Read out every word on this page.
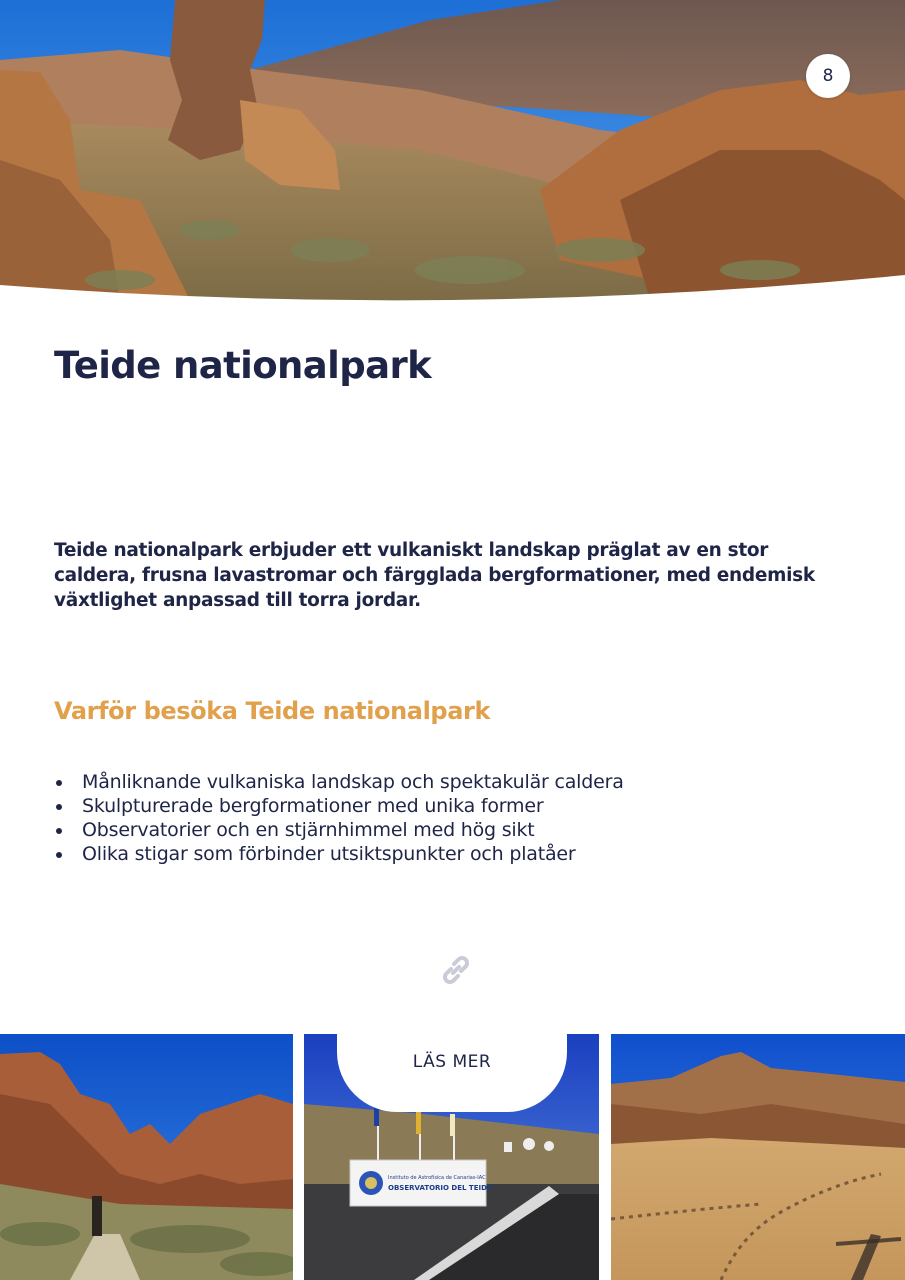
8
Teide nationalpark

Teide nationalpark erbjuder ett vulkaniskt landskap präglat av en stor caldera, frusna lavastromar och färgglada bergformationer, med endemisk växtlighet anpassad till torra jordar.

Varför besöka Teide nationalpark
Månliknande vulkaniska landskap och spektakulär caldera
Skulpturerade bergformationer med unika former
Observatorier och en stjärnhimmel med hög sikt
Olika stigar som förbinder utsiktspunkter och platåer
Instituto de Astrofísica de Canarias-IAC
OBSERVATORIO DEL TEIDE
LÄS MER
